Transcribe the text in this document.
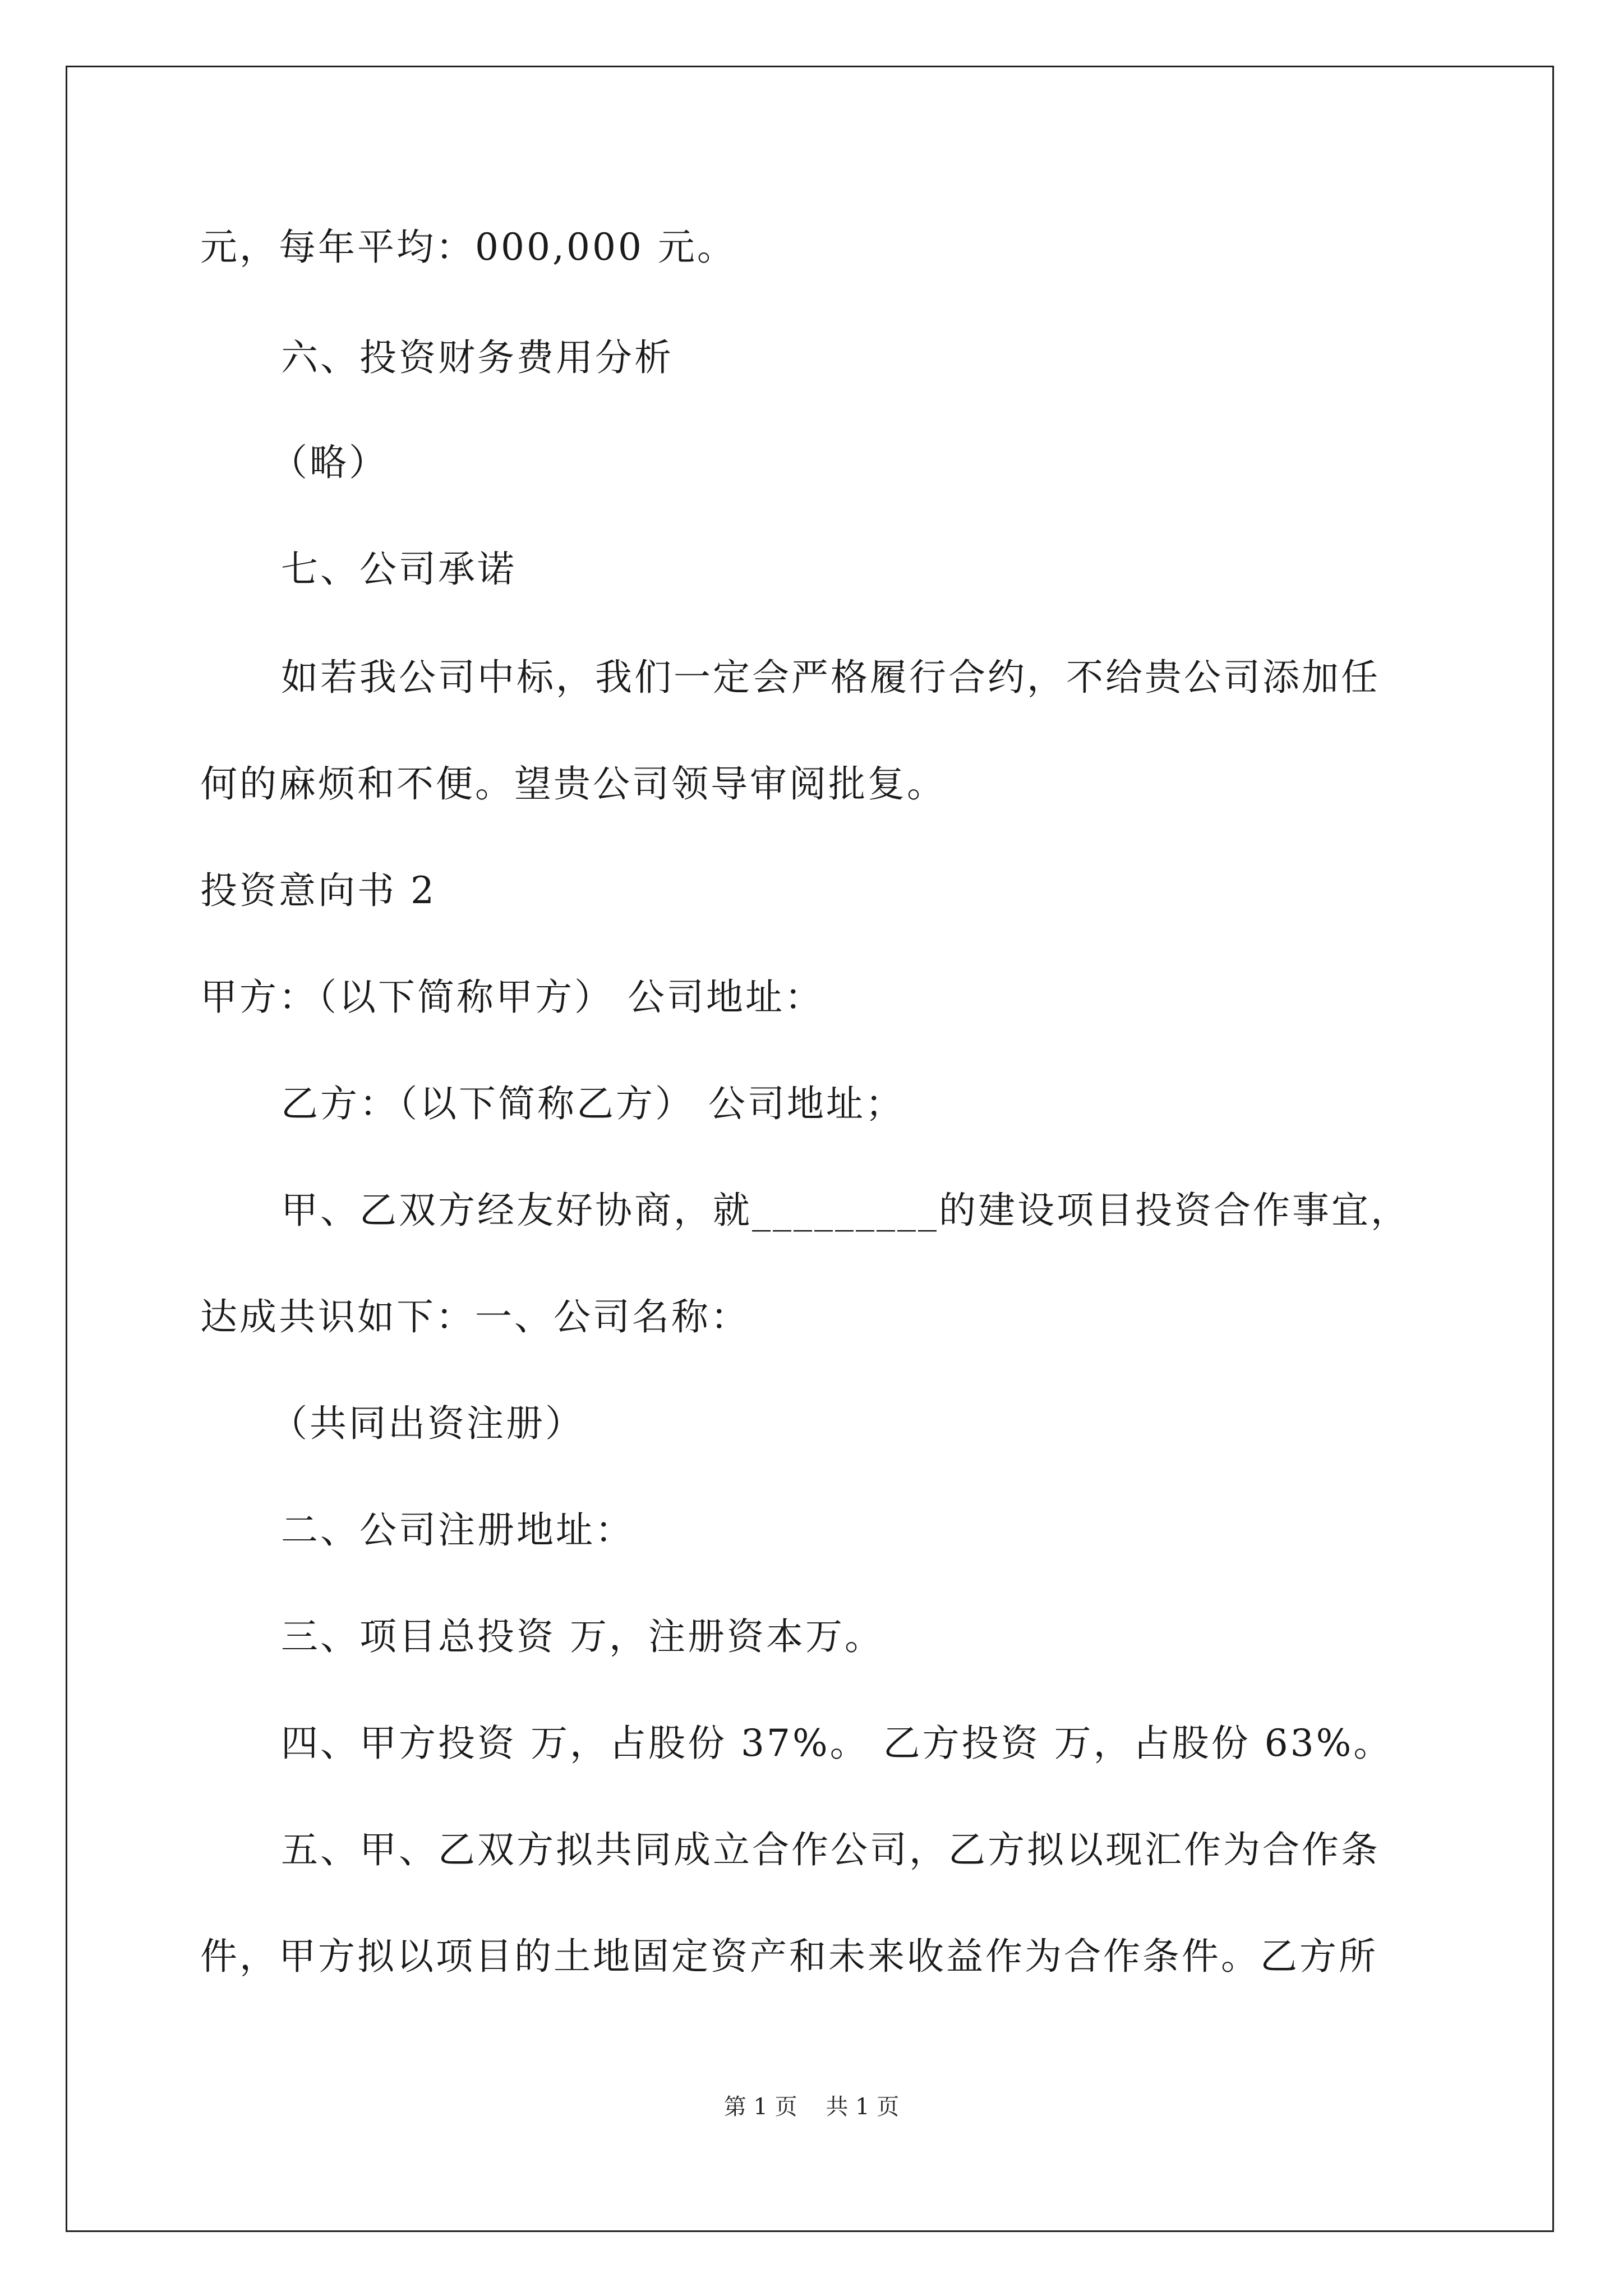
元，每年平均：000,000 元。
六、投资财务费用分析
（略）
七、公司承诺
如若我公司中标，我们一定会严格履行合约，不给贵公司添加任
何的麻烦和不便。望贵公司领导审阅批复。
投资意向书 2
甲方：（以下简称甲方） 公司地址：
乙方：（以下简称乙方） 公司地址；
甲、乙双方经友好协商，就_________的建设项目投资合作事宜，
达成共识如下：一、公司名称：
（共同出资注册）
二、公司注册地址：
三、项目总投资 万，注册资本万。
四、甲方投资 万，占股份 37%。 乙方投资 万，占股份 63%。
五、甲、乙双方拟共同成立合作公司，乙方拟以现汇作为合作条
件，甲方拟以项目的土地固定资产和未来收益作为合作条件。乙方所
第 1 页    共 1 页
